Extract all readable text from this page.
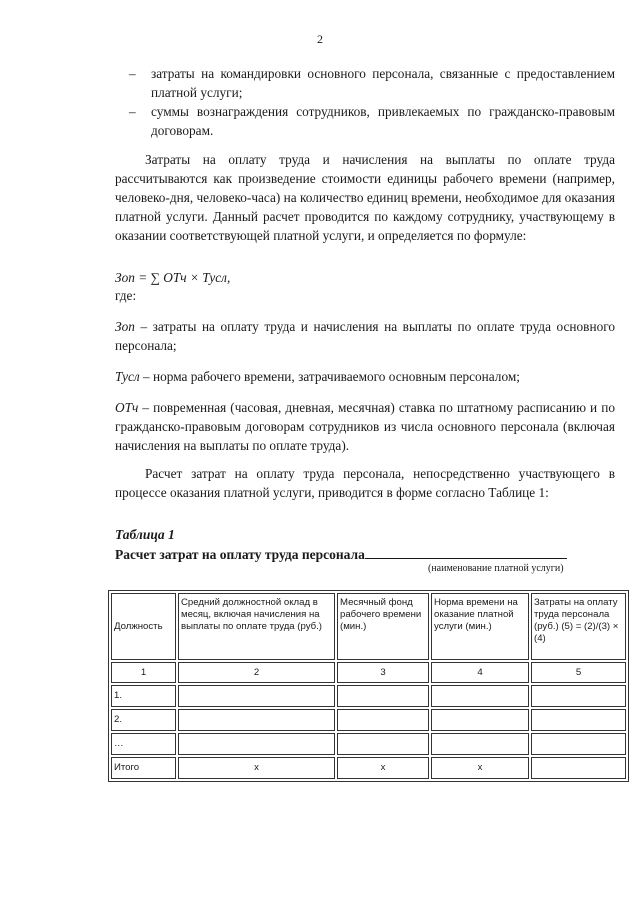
2

– затраты на командировки основного персонала, связанные с предоставлением платной услуги;

– суммы вознаграждения сотрудников, привлекаемых по гражданско-правовым договорам.

Затраты на оплату труда и начисления на выплаты по оплате труда рассчитываются как произведение стоимости единицы рабочего времени (например, человеко-дня, человеко-часа) на количество единиц времени, необходимое для оказания платной услуги. Данный расчет проводится по каждому сотруднику, участвующему в оказании соответствующей платной услуги, и определяется по формуле:

Зоп = ∑ ОТч × Тусл,

где:

Зоп – затраты на оплату труда и начисления на выплаты по оплате труда основного персонала;

Тусл – норма рабочего времени, затрачиваемого основным персоналом;

ОТч – повременная (часовая, дневная, месячная) ставка по штатному расписанию и по гражданско-правовым договорам сотрудников из числа основного персонала (включая начисления на выплаты по оплате труда).

Расчет затрат на оплату труда персонала, непосредственно участвующего в процессе оказания платной услуги, приводится в форме согласно Таблице 1:

Таблица 1
Расчет затрат на оплату труда персонала
(наименование платной услуги)
Должность	Средний должностной оклад в месяц, включая начисления на выплаты по оплате труда (руб.)	Месячный фонд рабочего времени (мин.)	Норма времени на оказание платной услуги (мин.)	Затраты на оплату труда персонала (руб.) (5) = (2)/(3) × (4)
1	2	3	4	5
1.				
2.				
…				
Итого	х	х	х	
